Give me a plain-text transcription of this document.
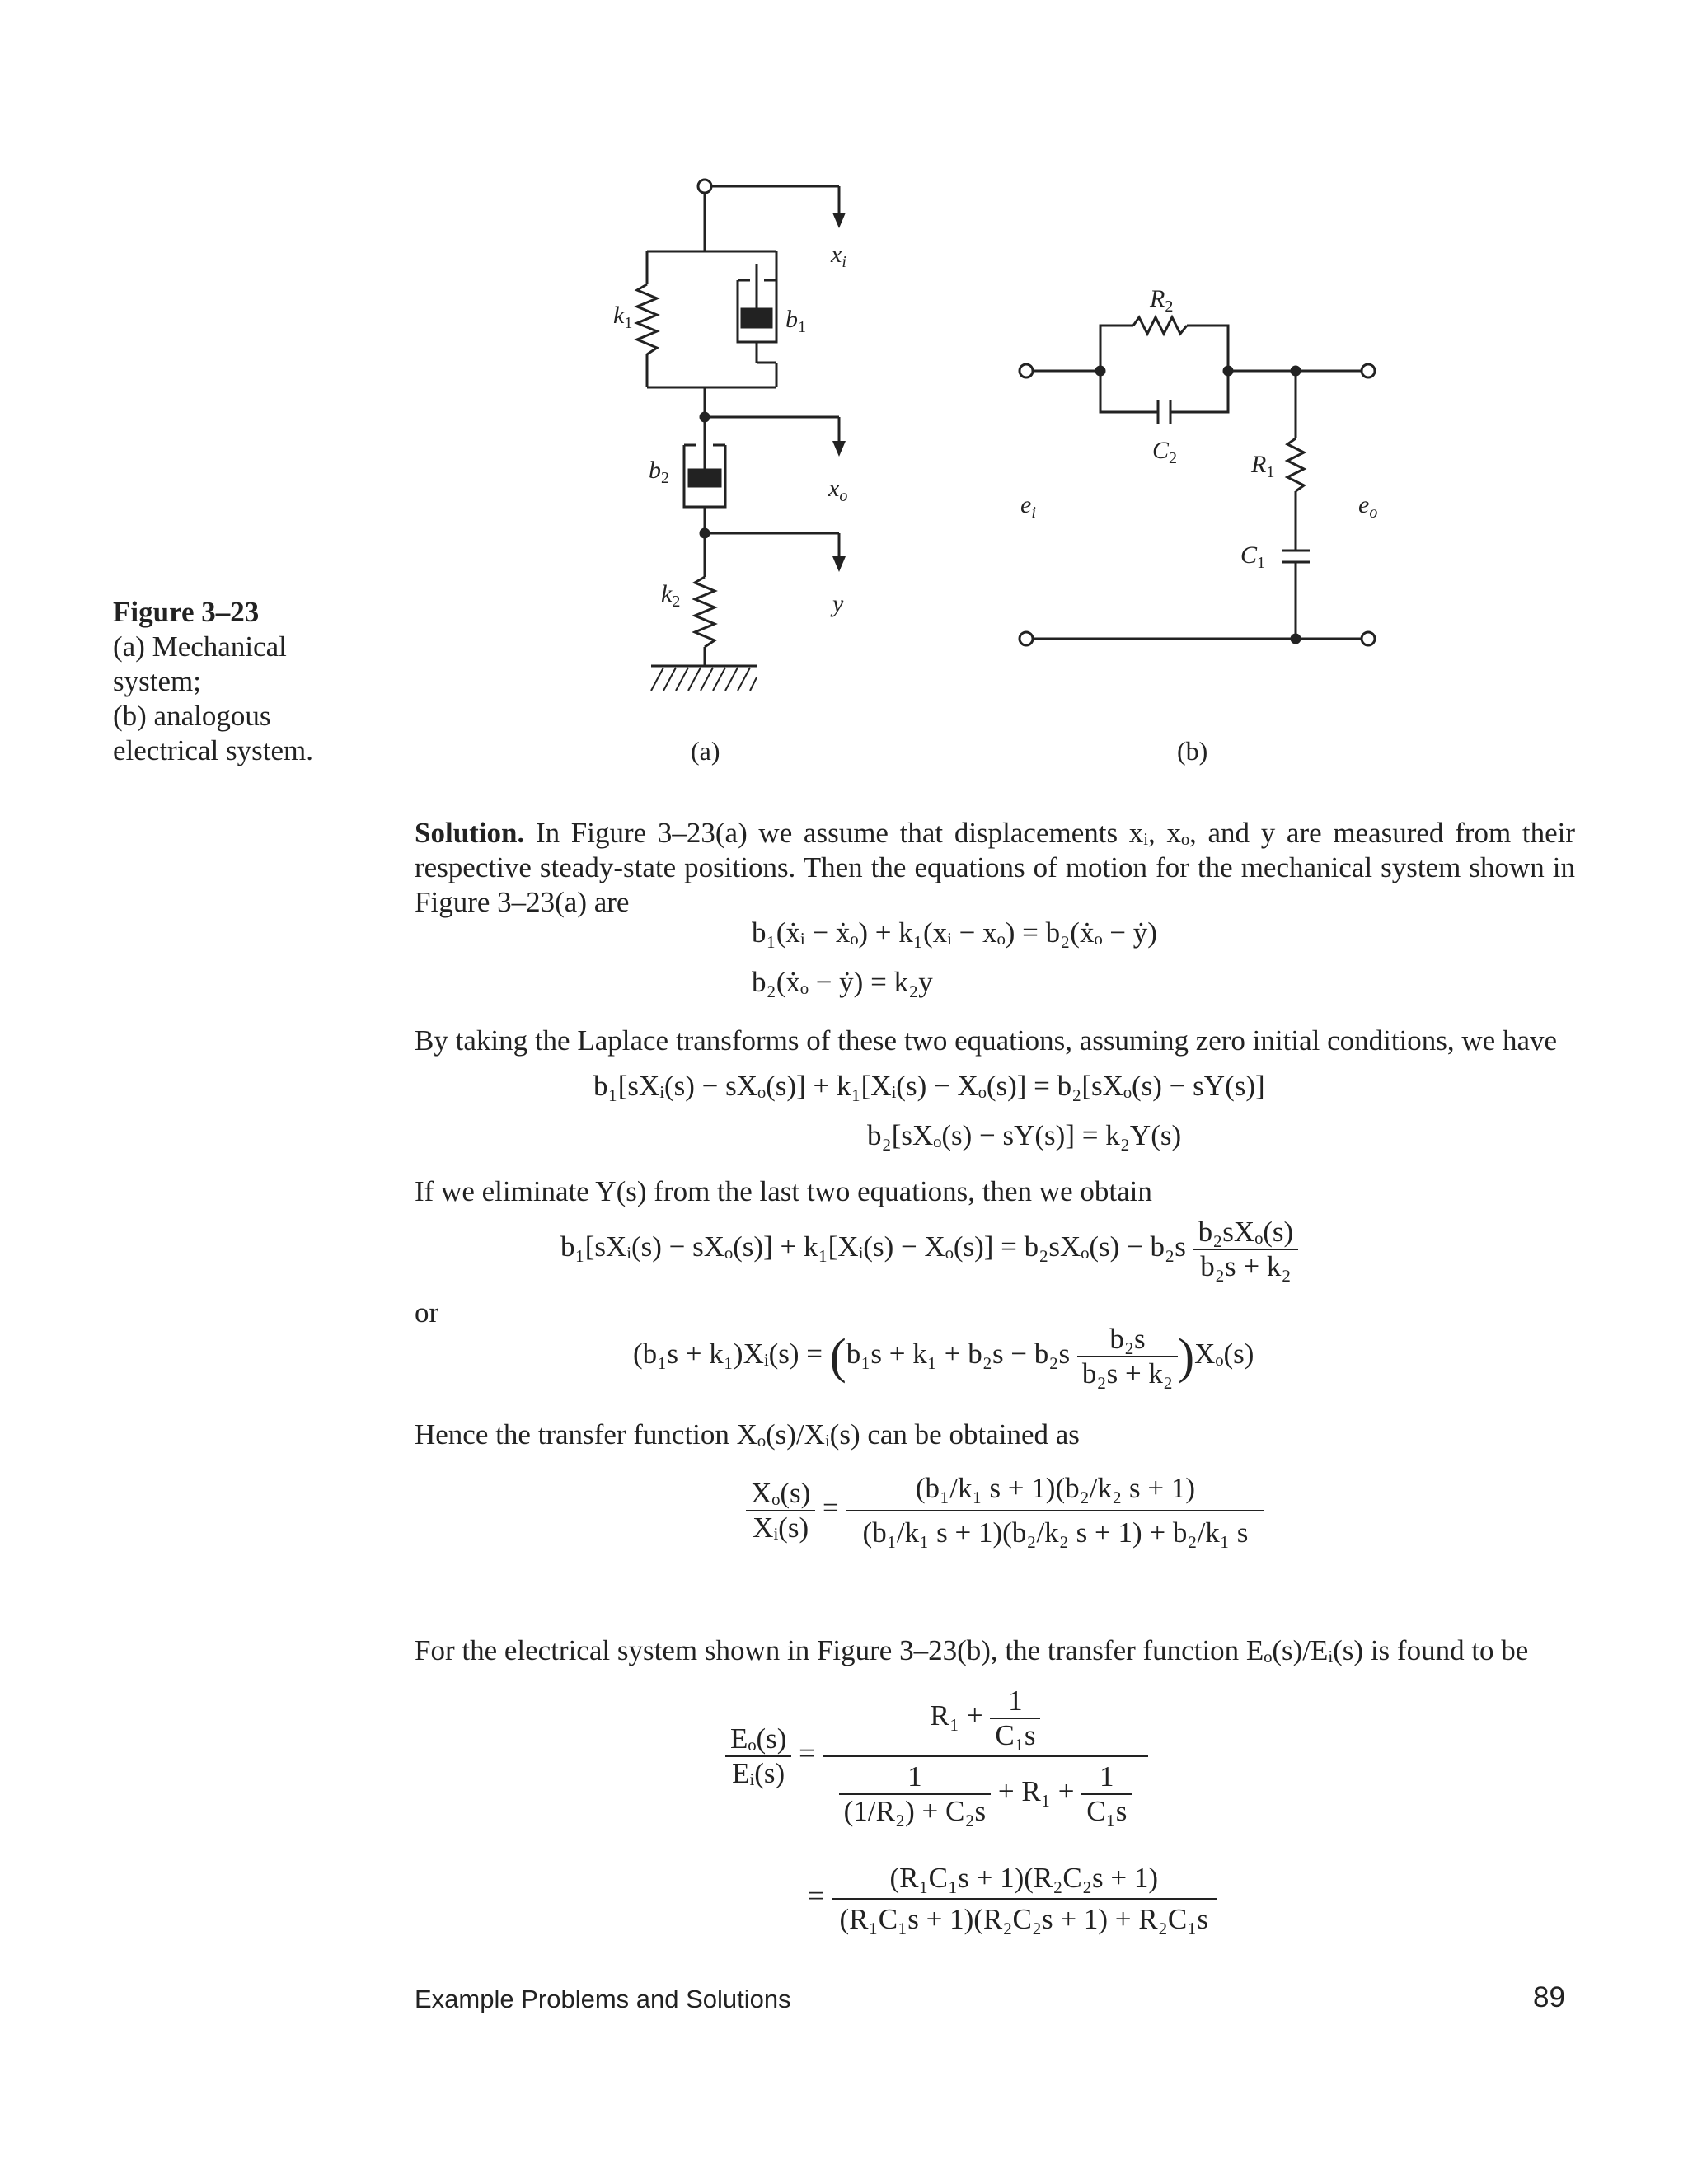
$x_i$
$k_1$	$b_1$
$b_2$	$x_o$
$k_2$	y
$R_2$
$C_2$	$R_1$
$C_1$
$e_i$	$e_o$
(a)	(b)
Figure 3–23
(a) Mechanical
system;
(b) analogous
electrical system.
Solution. In Figure 3–23(a) we assume that displacements xᵢ, xₒ, and y are measured from their respective steady-state positions. Then the equations of motion for the mechanical system shown in Figure 3–23(a) are
b₁(ẋᵢ − ẋₒ) + k₁(xᵢ − xₒ) = b₂(ẋₒ − ẏ)
b₂(ẋₒ − ẏ) = k₂y
By taking the Laplace transforms of these two equations, assuming zero initial conditions, we have
b₁[sXᵢ(s) − sXₒ(s)] + k₁[Xᵢ(s) − Xₒ(s)] = b₂[sXₒ(s) − sY(s)]
b₂[sXₒ(s) − sY(s)] = k₂Y(s)
If we eliminate Y(s) from the last two equations, then we obtain
b₁[sXᵢ(s) − sXₒ(s)] + k₁[Xᵢ(s) − $X_o(s)] = b_2sX_o(s) - b_2s \frac{\text{b₂sXₒ(s)}}{\text{b₂s + k₂}}$
or
(b₁s + k₁)Xᵢ(s) = $(b_1s + k_1 + b_2s - b_2s \frac{\text{b₂s}}{\text{b₂s + k₂}} )X_o(s)$
Hence the transfer function Xₒ(s)/Xᵢ(s) can be obtained as
$\frac{\text{Xₒ(s)}}{\text{Xᵢ(s)}} = \frac{\text{(b₁/k₁ s + 1)(b₂/k₂ s + 1)}}{\text{(b₁/k₁ s + 1)(b₂/k₂ s + 1) + b₂/k₁ s}}$
For the electrical system shown in Figure 3–23(b), the transfer function Eₒ(s)/Eᵢ(s) is found to be
$\frac{\text{Eₒ(s)}}{\text{Eᵢ(s)}}$ =
$R_1 + \frac{1}{\text{C₁s}}$
$\frac{1}{\text{(1/R₂) + C₂s}} + R_1 + \frac{1}{\text{C₁s}}$
= $\frac{\text{(R₁C₁s + 1)(R₂C₂s + 1)}}{\text{(R₁C₁s + 1)(R₂C₂s + 1) + R₂C₁s}}$
Example Problems and Solutions	89
